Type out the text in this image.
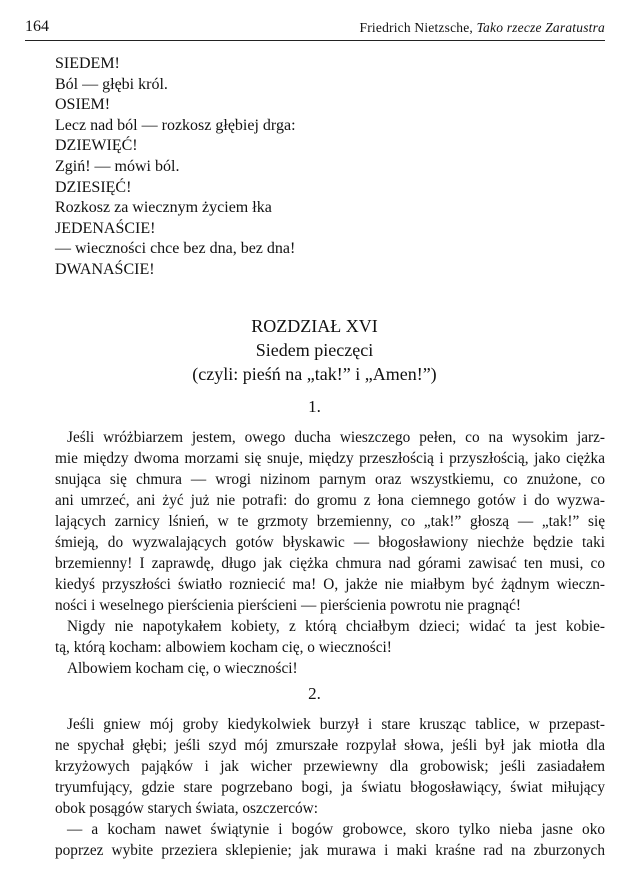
164	Friedrich Nietzsche, Tako rzecze Zaratustra
SIEDEM!
Ból — głębi król.
OSIEM!
Lecz nad ból — rozkosz głębiej drga:
DZIEWIĘĆ!
Zgiń! — mówi ból.
DZIESIĘĆ!
Rozkosz za wiecznym życiem łka
JEDENAŚCIE!
— wieczności chce bez dna, bez dna!
DWANAŚCIE!
ROZDZIAŁ XVI
Siedem pieczęci
(czyli: pieśń na „tak!” i „Amen!”)
1.
Jeśli wróżbiarzem jestem, owego ducha wieszczego pełen, co na wysokim jarz-
mie między dwoma morzami się snuje, między przeszłością i przyszłością, jako ciężka
snująca się chmura — wrogi nizinom parnym oraz wszystkiemu, co znużone, co
ani umrzeć, ani żyć już nie potrafi: do gromu z łona ciemnego gotów i do wyzwa-
lających zarnicy lśnień, w te grzmoty brzemienny, co „tak!” głoszą — „tak!” się
śmieją, do wyzwalających gotów błyskawic — błogosławiony niechże będzie taki
brzemienny! I zaprawdę, długo jak ciężka chmura nad górami zawisać ten musi, co
kiedyś przyszłości światło rozniecić ma! O, jakże nie miałbym być żądnym wieczn-
ności i weselnego pierścienia pierścieni — pierścienia powrotu nie pragnąć!
Nigdy nie napotykałem kobiety, z którą chciałbym dzieci; widać ta jest kobie-
tą, którą kocham: albowiem kocham cię, o wieczności!
Albowiem kocham cię, o wieczności!
2.
Jeśli gniew mój groby kiedykolwiek burzył i stare krusząc tablice, w przepast-
ne spychał głębi; jeśli szyd mój zmurszałe rozpylał słowa, jeśli był jak miotła dla
krzyżowych pająków i jak wicher przewiewny dla grobowisk; jeśli zasiadałem
tryumfujący, gdzie stare pogrzebano bogi, ja światu błogosławiący, świat miłujący
obok posągów starych świata, oszczerców:
— a kocham nawet świątynie i bogów grobowce, skoro tylko nieba jasne oko
poprzez wybite przeziera sklepienie; jak murawa i maki kraśne rad na zburzonych
